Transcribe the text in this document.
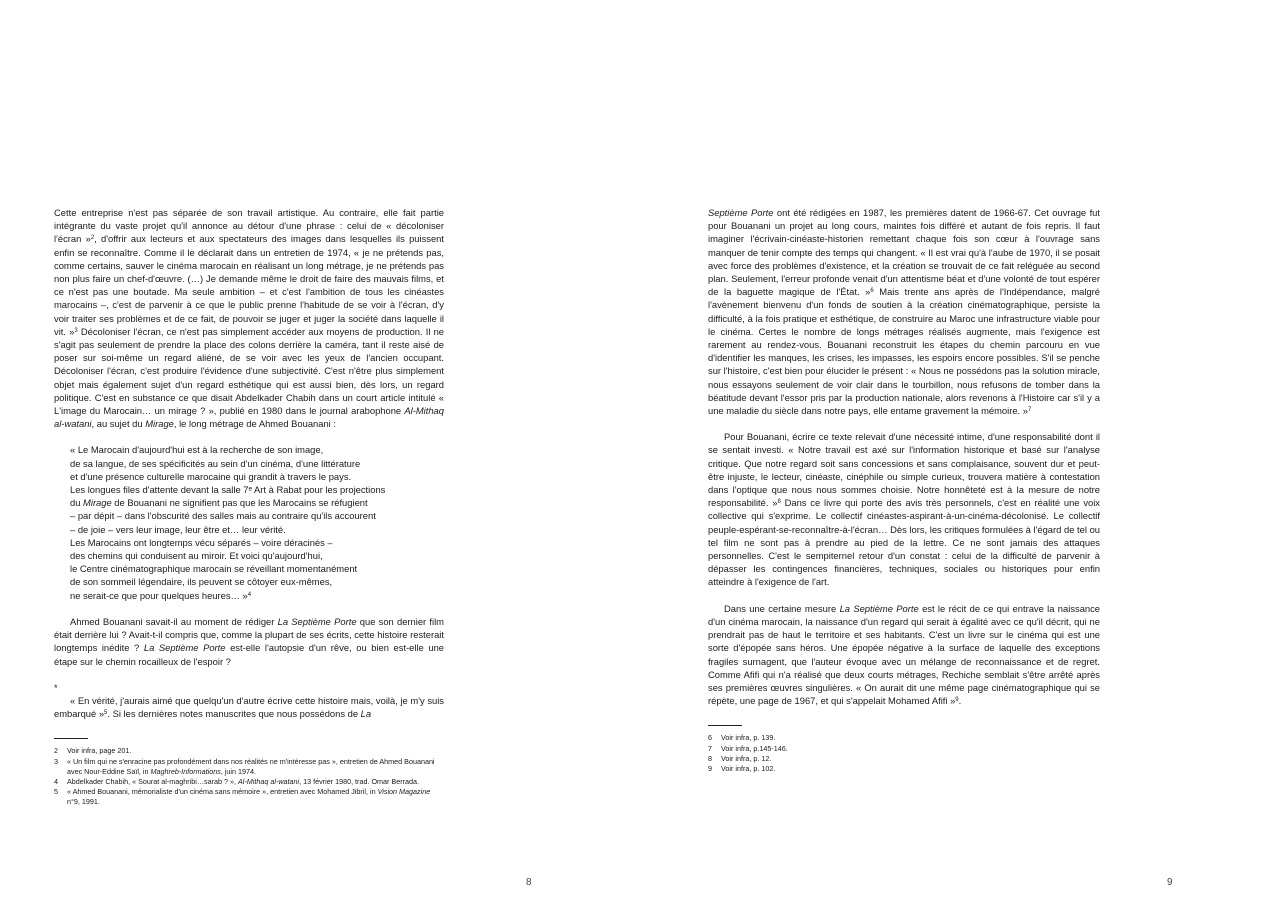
Cette entreprise n'est pas séparée de son travail artistique. Au contraire, elle fait partie intégrante du vaste projet qu'il annonce au détour d'une phrase : celui de « décoloniser l'écran »$^2$, d'offrir aux lecteurs et aux spectateurs des images dans lesquelles ils puissent enfin se reconnaître. Comme il le déclarait dans un entretien de 1974, « je ne prétends pas, comme certains, sauver le cinéma marocain en réalisant un long métrage, je ne prétends pas non plus faire un chef-d'œuvre. (…) Je demande même le droit de faire des mauvais films, et ce n'est pas une boutade. Ma seule ambition – et c'est l'ambition de tous les cinéastes marocains –, c'est de parvenir à ce que le public prenne l'habitude de se voir à l'écran, d'y voir traiter ses problèmes et de ce fait, de pouvoir se juger et juger la société dans laquelle il vit. »$^3$ Décoloniser l'écran, ce n'est pas simplement accéder aux moyens de production. Il ne s'agit pas seulement de prendre la place des colons derrière la caméra, tant il reste aisé de poser sur soi-même un regard aliéné, de se voir avec les yeux de l'ancien occupant. Décoloniser l'écran, c'est produire l'évidence d'une subjectivité. C'est n'être plus simplement objet mais également sujet d'un regard esthétique qui est aussi bien, dès lors, un regard politique. C'est en substance ce que disait Abdelkader Chabih dans un court article intitulé « L'image du Marocain… un mirage ? », publié en 1980 dans le journal arabophone Al-Mithaq al-watani, au sujet du Mirage, le long métrage de Ahmed Bouanani :

« Le Marocain d'aujourd'hui est à la recherche de son image,
de sa langue, de ses spécificités au sein d'un cinéma, d'une littérature
et d'une présence culturelle marocaine qui grandit à travers le pays.
Les longues files d'attente devant la salle 7ᵉ Art à Rabat pour les projections
du Mirage de Bouanani ne signifient pas que les Marocains se réfugient
– par dépit – dans l'obscurité des salles mais au contraire qu'ils accourent
– de joie – vers leur image, leur être et… leur vérité.
Les Marocains ont longtemps vécu séparés – voire déracinés –
des chemins qui conduisent au miroir. Et voici qu'aujourd'hui,
le Centre cinématographique marocain se réveillant momentanément
de son sommeil légendaire, ils peuvent se côtoyer eux-mêmes,
ne serait-ce que pour quelques heures… »$^4$

Ahmed Bouanani savait-il au moment de rédiger La Septième Porte que son dernier film était derrière lui ? Avait-t-il compris que, comme la plupart de ses écrits, cette histoire resterait longtemps inédite ? La Septième Porte est-elle l'autopsie d'un rêve, ou bien est-elle une étape sur le chemin rocailleux de l'espoir ?

*

« En vérité, j'aurais aimé que quelqu'un d'autre écrive cette histoire mais, voilà, je m'y suis embarqué »$^5$. Si les dernières notes manuscrites que nous possédons de La

2	Voir infra, page 201.
3	« Un film qui ne s'enracine pas profondément dans nos réalités ne m'intéresse pas », entretien de Ahmed Bouanani avec Nour-Eddine Saïl, in Maghreb-Informations, juin 1974.
4	Abdelkader Chabih, « Sourat al-maghribi…sarab ? », Al-Mithaq al-watani, 13 février 1980, trad. Omar Berrada.
5	« Ahmed Bouanani, mémorialiste d'un cinéma sans mémoire », entretien avec Mohamed Jibril, in Vision Magazine n°9, 1991.
8

Septième Porte ont été rédigées en 1987, les premières datent de 1966-67. Cet ouvrage fut pour Bouanani un projet au long cours, maintes fois différé et autant de fois repris. Il faut imaginer l'écrivain-cinéaste-historien remettant chaque fois son cœur à l'ouvrage sans manquer de tenir compte des temps qui changent. « Il est vrai qu'à l'aube de 1970, il se posait avec force des problèmes d'existence, et la création se trouvait de ce fait reléguée au second plan. Seulement, l'erreur profonde venait d'un attentisme béat et d'une volonté de tout espérer de la baguette magique de l'État. »$^6$ Mais trente ans après de l'Indépendance, malgré l'avènement bienvenu d'un fonds de soutien à la création cinématographique, persiste la difficulté, à la fois pratique et esthétique, de construire au Maroc une infrastructure viable pour le cinéma. Certes le nombre de longs métrages réalisés augmente, mais l'exigence est rarement au rendez-vous. Bouanani reconstruit les étapes du chemin parcouru en vue d'identifier les manques, les crises, les impasses, les espoirs encore possibles. S'il se penche sur l'histoire, c'est bien pour élucider le présent : « Nous ne possédons pas la solution miracle, nous essayons seulement de voir clair dans le tourbillon, nous refusons de tomber dans la béatitude devant l'essor pris par la production nationale, alors revenons à l'Histoire car s'il y a une maladie du siècle dans notre pays, elle entame gravement la mémoire. »$^7$

Pour Bouanani, écrire ce texte relevait d'une nécessité intime, d'une responsabilité dont il se sentait investi. « Notre travail est axé sur l'information historique et basé sur l'analyse critique. Que notre regard soit sans concessions et sans complaisance, souvent dur et peut-être injuste, le lecteur, cinéaste, cinéphile ou simple curieux, trouvera matière à contestation dans l'optique que nous nous sommes choisie. Notre honnêteté est à la mesure de notre responsabilité. »$^8$ Dans ce livre qui porte des avis très personnels, c'est en réalité une voix collective qui s'exprime. Le collectif cinéastes-aspirant-à-un-cinéma-décolonisé. Le collectif peuple-espérant-se-reconnaître-à-l'écran… Dès lors, les critiques formulées à l'égard de tel ou tel film ne sont pas à prendre au pied de la lettre. Ce ne sont jamais des attaques personnelles. C'est le sempiternel retour d'un constat : celui de la difficulté de parvenir à dépasser les contingences financières, techniques, sociales ou historiques pour enfin atteindre à l'exigence de l'art.

Dans une certaine mesure La Septième Porte est le récit de ce qui entrave la naissance d'un cinéma marocain, la naissance d'un regard qui serait à égalité avec ce qu'il décrit, qui ne prendrait pas de haut le territoire et ses habitants. C'est un livre sur le cinéma qui est une sorte d'épopée sans héros. Une épopée négative à la surface de laquelle des exceptions fragiles surnagent, que l'auteur évoque avec un mélange de reconnaissance et de regret. Comme Afifi qui n'a réalisé que deux courts métrages, Rechiche semblait s'être arrêté après ses premières œuvres singulières. « On aurait dit une même page cinématographique qui se répète, une page de 1967, et qui s'appelait Mohamed Afifi »$^9$.

6	Voir infra, p. 139.
7	Voir infra, p.145-146.
8	Voir infra, p. 12.
9	Voir infra, p. 102.
9
